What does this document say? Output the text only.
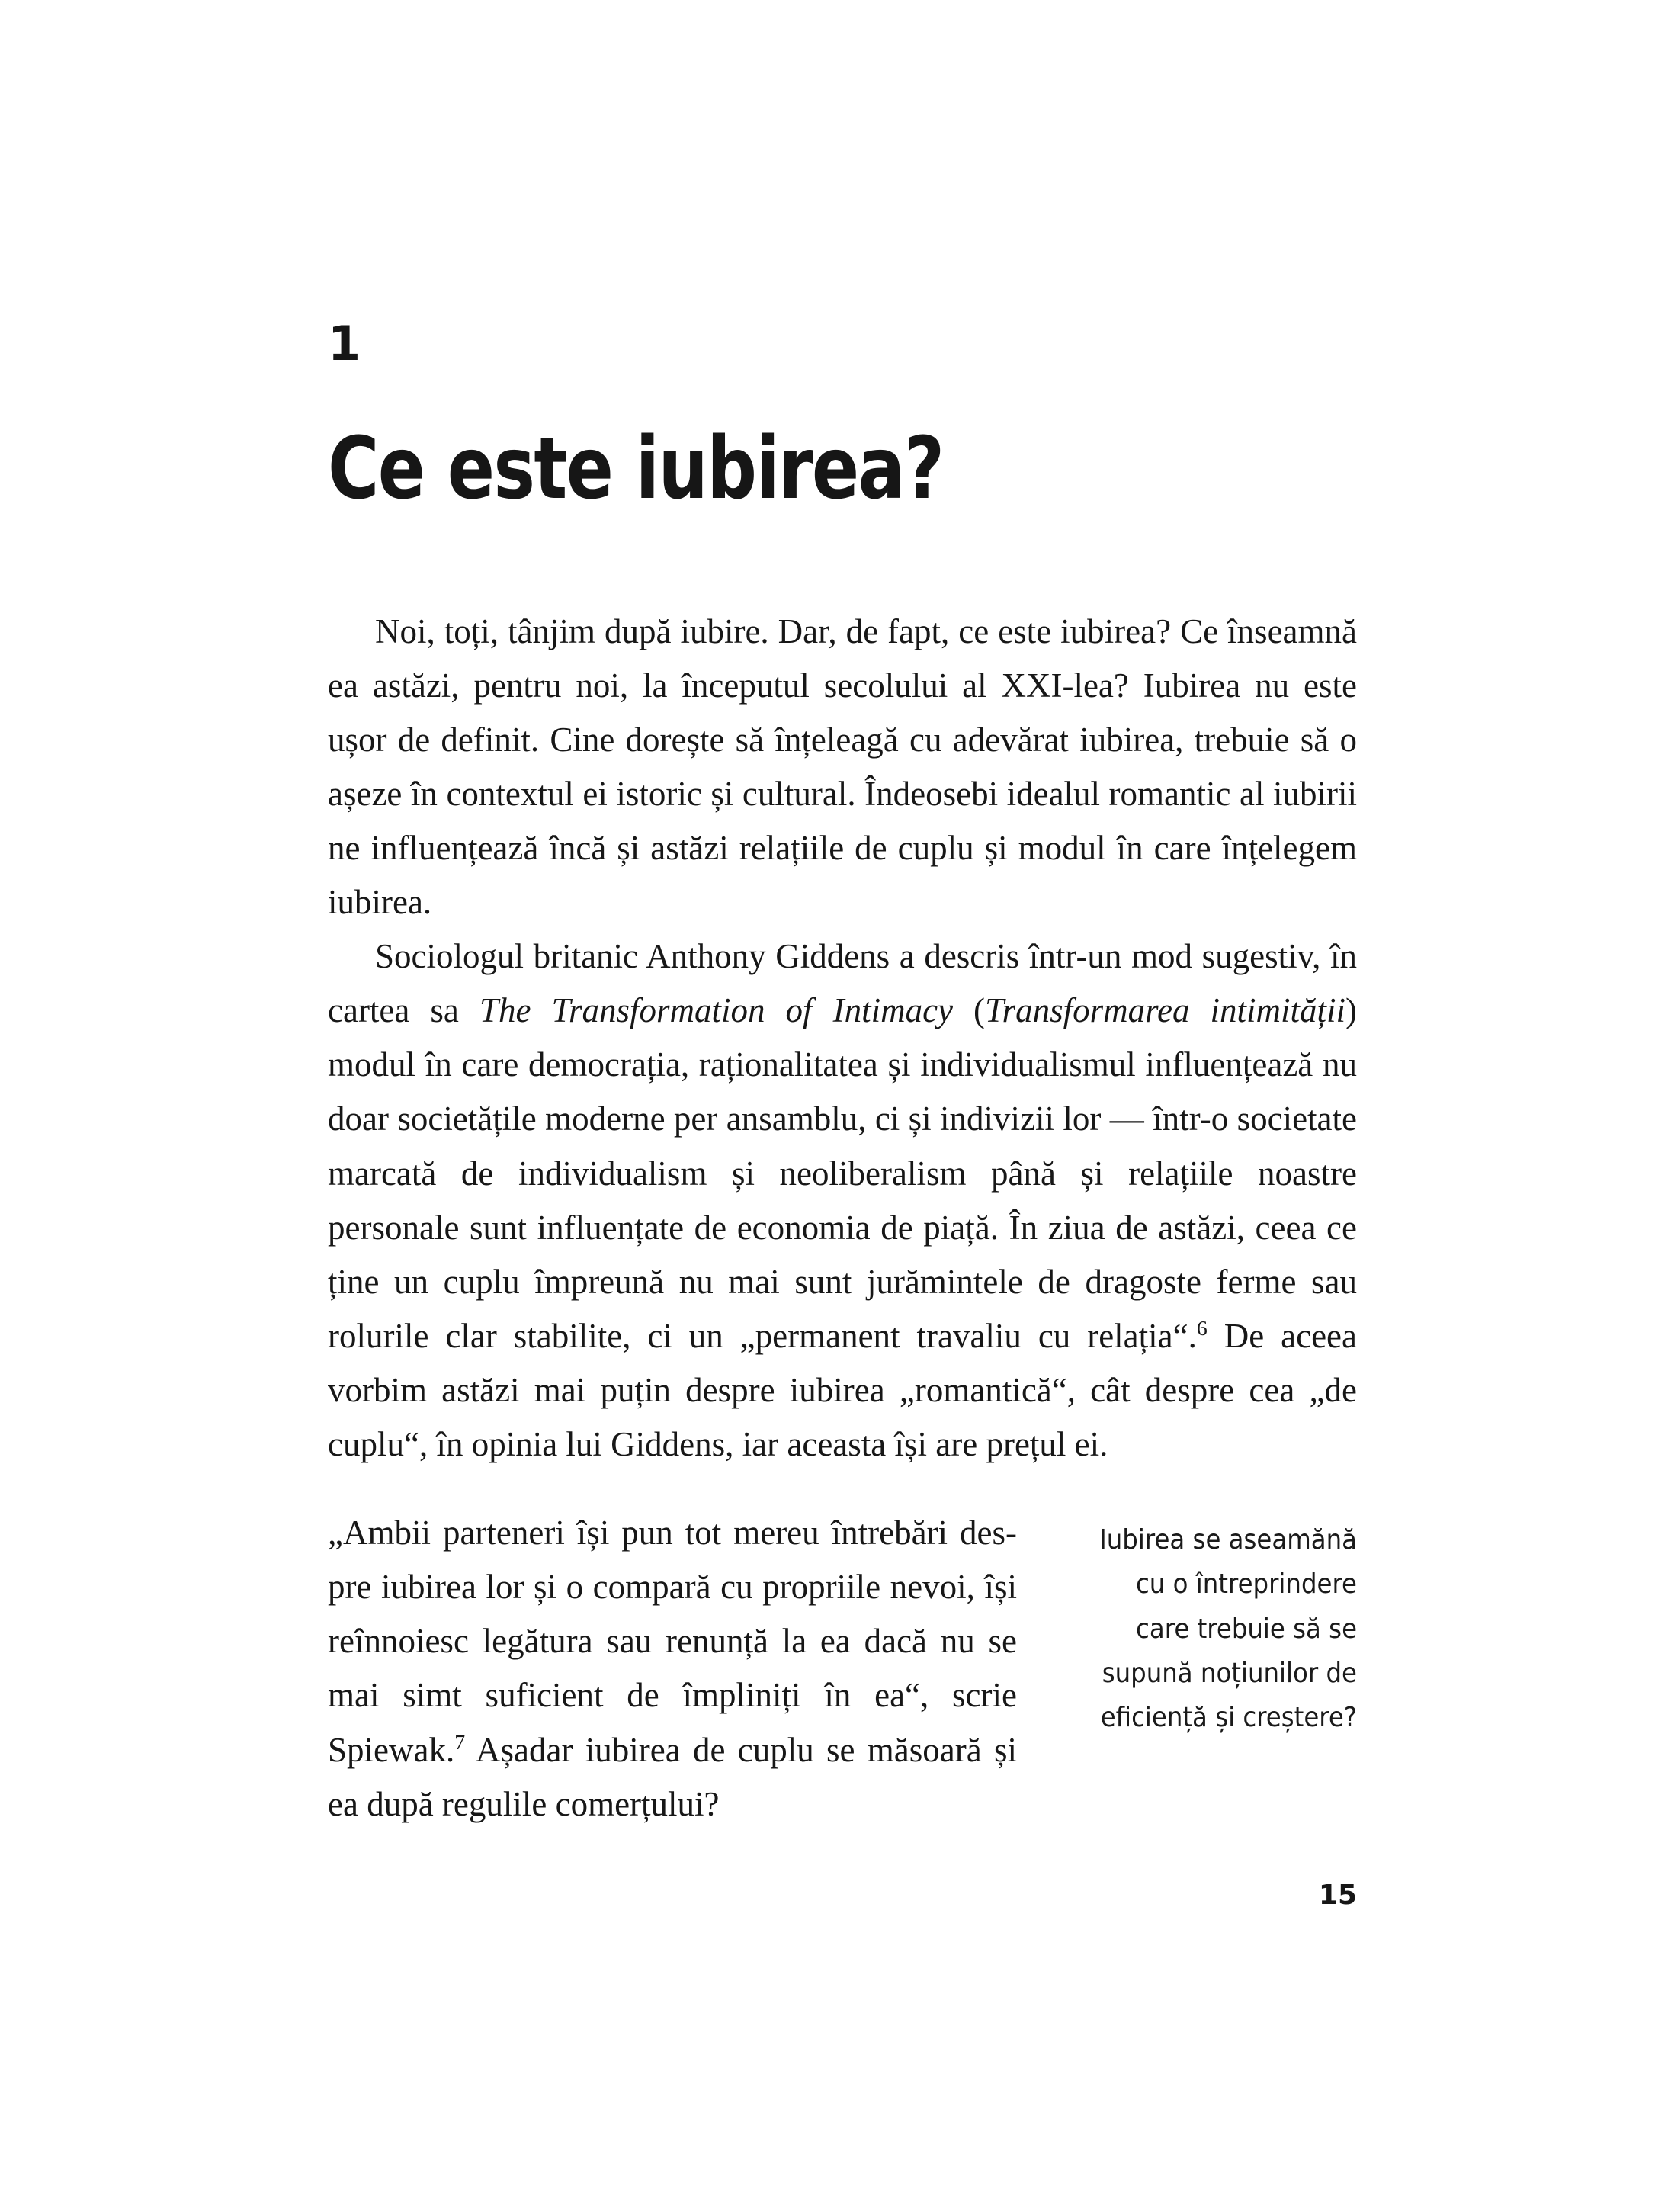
1
Ce este iubirea?

Noi, toți, tânjim după iubire. Dar, de fapt, ce este iubirea? Ce înseamnă ea astăzi, pentru noi, la începutul secolului al XXI-lea? Iubirea nu este ușor de definit. Cine dorește să înțeleagă cu adevărat iubirea, trebuie să o așeze în contextul ei istoric și cultural. Îndeosebi idealul romantic al iubirii ne influențează încă și astăzi relațiile de cuplu și modul în care înțelegem iubirea.

Sociologul britanic Anthony Giddens a descris într-un mod sugestiv, în cartea sa The Transformation of Intimacy (Transformarea intimității) modul în care democrația, raționalitatea și individualismul influențează nu doar societățile moderne per ansamblu, ci și indivizii lor — într-o societate marcată de individualism și neoliberalism până și relațiile noastre personale sunt influențate de economia de piață. În ziua de astăzi, ceea ce ține un cuplu împreună nu mai sunt jurămintele de dragoste ferme sau rolurile clar stabilite, ci un „permanent travaliu cu relația“.$^6$ De aceea vorbim astăzi mai puțin despre iubirea „romantică“, cât despre cea „de cuplu“, în opinia lui Giddens, iar aceasta își are prețul ei.

Iubirea se aseamănă cu o întreprindere care trebuie să se supună noțiunilor de eficiență și creștere?

„Ambii parteneri își pun tot mereu întrebări despre iubirea lor și o compară cu propriile nevoi, își reînnoiesc legătura sau renunță la ea dacă nu se mai simt suficient de împliniți în ea“, scrie Spiewak.$^7$ Așadar iubirea de cuplu se măsoară și ea după regulile comerțului?

15
